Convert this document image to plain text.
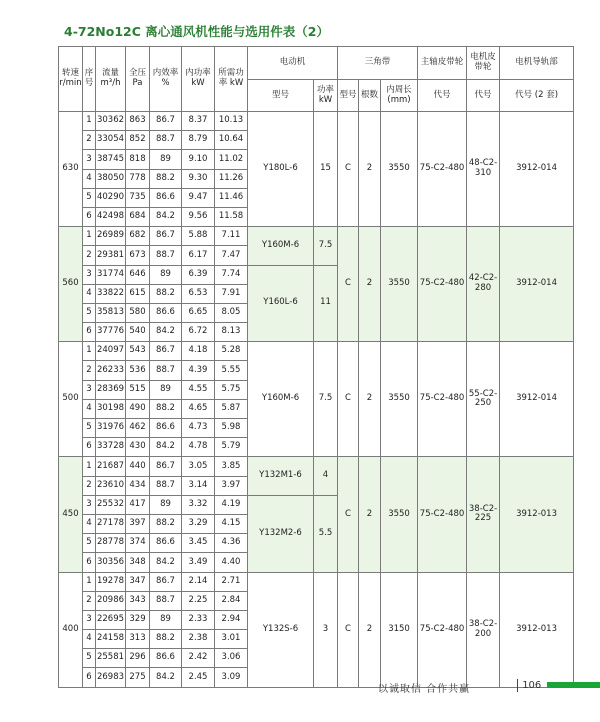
4-72No12C 离心通风机性能与选用件表（2）
转速 r/min	序号	流量 m³/h	全压 Pa	内效率 %	内功率 kW	所需功率 kW	电动机		三角带			主轴皮带轮	电机皮带轮	电机导轨部
							型号	功率 kW	型号	根数	内周长 (mm)	代号	代号	代号 (2 套)
630	1	30362	863	86.7	8.37	10.13	Y180L-6	15	C	2	3550	75-C2-480	48-C2-310	3912-014
	2	33054	852	88.7	8.79	10.64								
	3	38745	818	89	9.10	11.02								
	4	38050	778	88.2	9.30	11.26								
	5	40290	735	86.6	9.47	11.46								
	6	42498	684	84.2	9.56	11.58								
560	1	26989	682	86.7	5.88	7.11	Y160M-6	7.5	C	2	3550	75-C2-480	42-C2-280	3912-014
	2	29381	673	88.7	6.17	7.47								
	3	31774	646	89	6.39	7.74	Y160L-6	11						
	4	33822	615	88.2	6.53	7.91								
	5	35813	580	86.6	6.65	8.05								
	6	37776	540	84.2	6.72	8.13								
500	1	24097	543	86.7	4.18	5.28	Y160M-6	7.5	C	2	3550	75-C2-480	55-C2-250	3912-014
	2	26233	536	88.7	4.39	5.55								
	3	28369	515	89	4.55	5.75								
	4	30198	490	88.2	4.65	5.87								
	5	31976	462	86.6	4.73	5.98								
	6	33728	430	84.2	4.78	5.79								
450	1	21687	440	86.7	3.05	3.85	Y132M1-6	4	C	2	3550	75-C2-480	38-C2-225	3912-013
	2	23610	434	88.7	3.14	3.97								
	3	25532	417	89	3.32	4.19	Y132M2-6	5.5						
	4	27178	397	88.2	3.29	4.15								
	5	28778	374	86.6	3.45	4.36								
	6	30356	348	84.2	3.49	4.40								
400	1	19278	347	86.7	2.14	2.71	Y132S-6	3	C	2	3150	75-C2-480	38-C2-200	3912-013
	2	20986	343	88.7	2.25	2.84								
	3	22695	329	89	2.33	2.94								
	4	24158	313	88.2	2.38	3.01								
	5	25581	296	86.6	2.42	3.06								
	6	26983	275	84.2	2.45	3.09								
以诚取信 合作共赢	106
